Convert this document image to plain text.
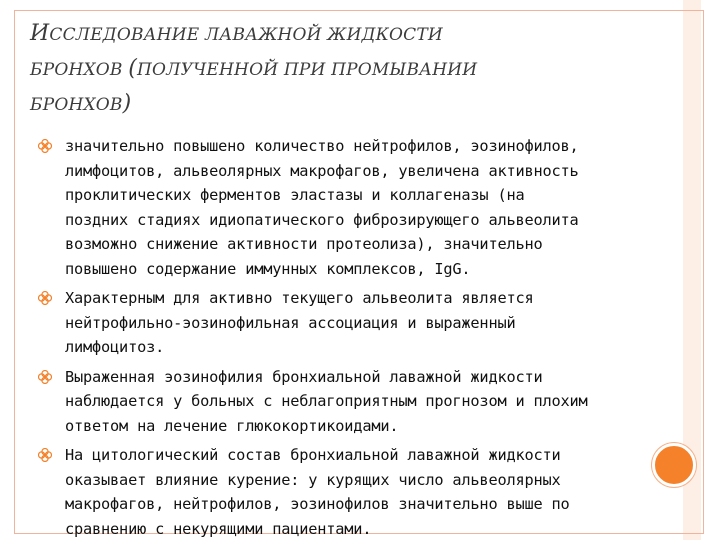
ИССЛЕДОВАНИЕ ЛАВАЖНОЙ ЖИДКОСТИ
БРОНХОВ (ПОЛУЧЕННОЙ ПРИ ПРОМЫВАНИИ
БРОНХОВ)
значительно повышено количество нейтрофилов, эозинофилов,
лимфоцитов, альвеолярных макрофагов, увеличена активность
проклитических ферментов эластазы и коллагеназы (на
поздних стадиях идиопатического фиброзирующего альвеолита
возможно снижение активности протеолиза), значительно
повышено содержание иммунных комплексов, IgG.
Характерным для активно текущего альвеолита является
нейтрофильно-эозинофильная ассоциация и выраженный
лимфоцитоз.
Выраженная эозинофилия бронхиальной лаважной жидкости
наблюдается у больных с неблагоприятным прогнозом и плохим
ответом на лечение глюкокортикоидами.
На цитологический состав бронхиальной лаважной жидкости
оказывает влияние курение: у курящих число альвеолярных
макрофагов, нейтрофилов, эозинофилов значительно выше по
сравнению с некурящими пациентами.
